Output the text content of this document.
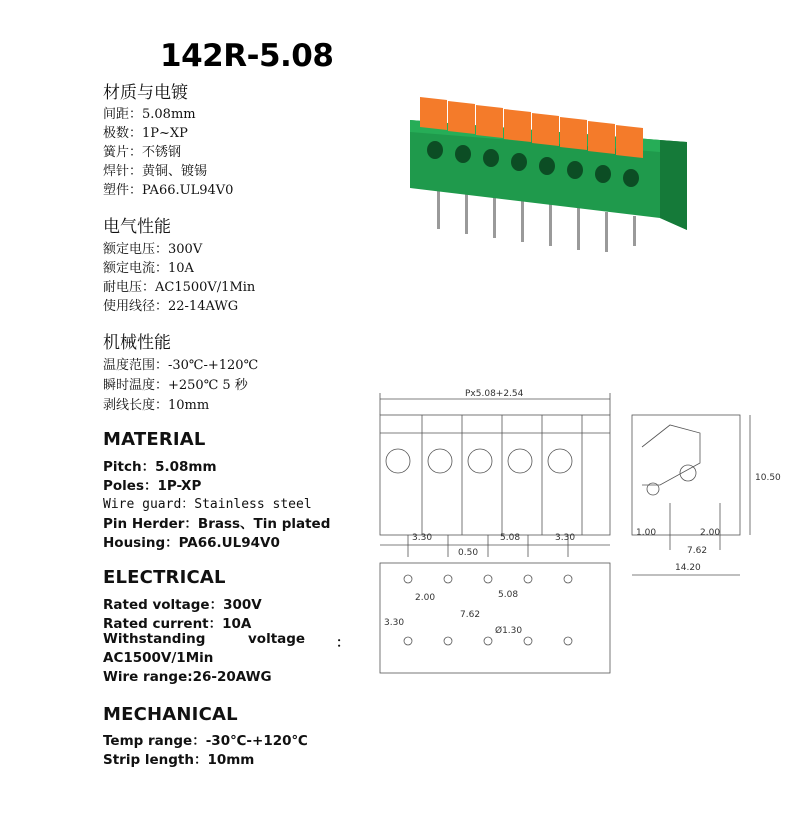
142R-5.08
材质与电镀
间距：5.08mm
极数：1P~XP
簧片：不锈钢
焊针：黄铜、镀锡
塑件：PA66.UL94V0
电气性能
额定电压：300V
额定电流：10A
耐电压：AC1500V/1Min
使用线径：22-14AWG
机械性能
温度范围：-30℃-+120℃
瞬时温度：+250℃ 5 秒
剥线长度：10mm
MATERIAL
Pitch：5.08mm
Poles：1P-XP
Wire guard：Stainless steel
Pin Herder：Brass、Tin plated
Housing：PA66.UL94V0
ELECTRICAL
Rated voltage：300V
Rated current：10A
Withstanding	voltage ：
AC1500V/1Min
Wire range:26-20AWG
MECHANICAL
Temp range：-30℃-+120℃
Strip length：10mm
Px5.08+2.54
3.30
0.50
5.08	3.30
10.50
1.00	2.00
7.62
14.20
2.00	5.08
7.62
3.30
Ø1.30
